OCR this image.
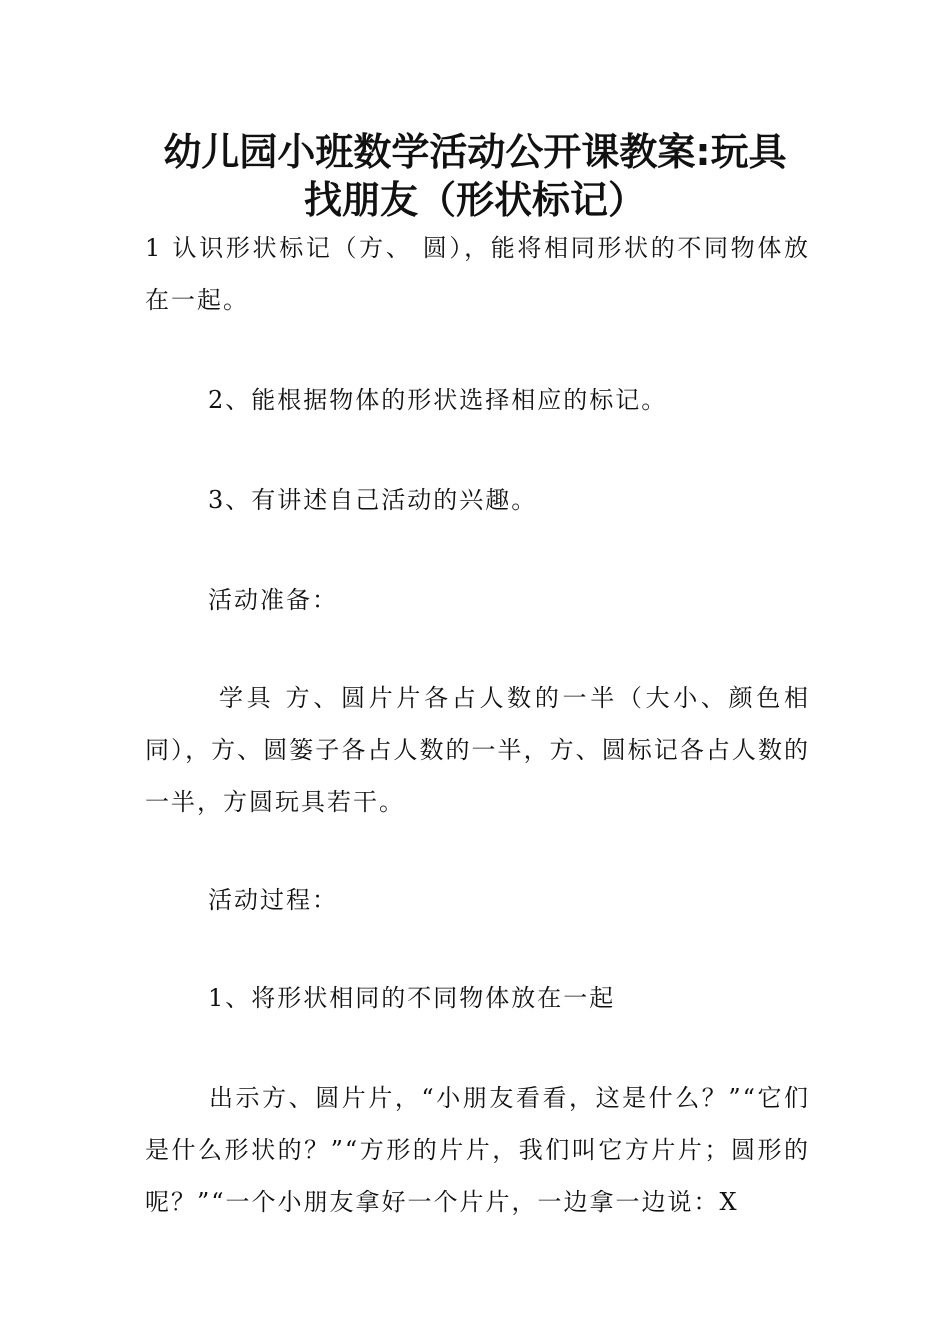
幼儿园小班数学活动公开课教案:玩具
找朋友（形状标记）

1 认识形状标记（方、 圆），能将相同形状的不同物体放在一起。

2、能根据物体的形状选择相应的标记。

3、有讲述自己活动的兴趣。

活动准备：

学具 方、圆片片各占人数的一半（大小、颜色相同），方、圆篓子各占人数的一半，方、圆标记各占人数的一半，方圆玩具若干。

活动过程：

1、将形状相同的不同物体放在一起

出示方、圆片片，“小朋友看看，这是什么？”“它们是什么形状的？”“方形的片片，我们叫它方片片；圆形的呢？”“一个小朋友拿好一个片片，一边拿一边说：X
